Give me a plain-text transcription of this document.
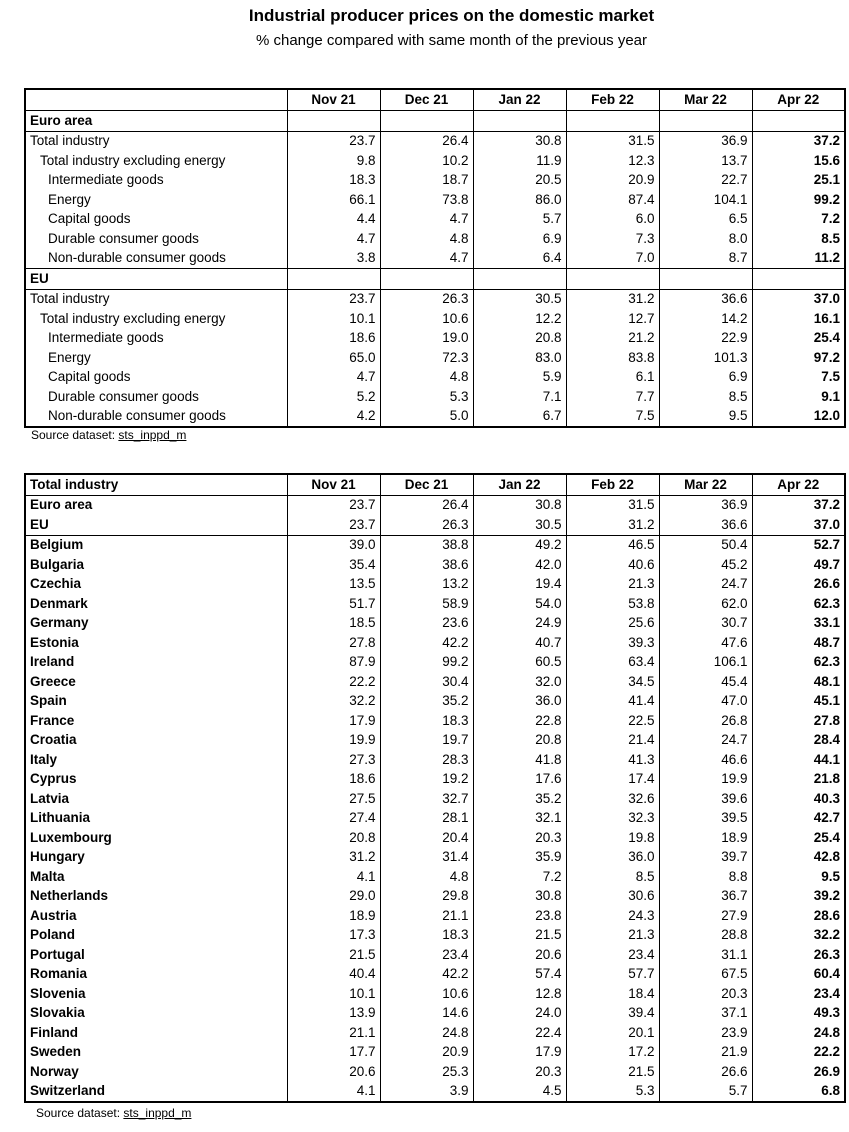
Industrial producer prices on the domestic market
% change compared with same month of the previous year
	Nov 21	Dec 21	Jan 22	Feb 22	Mar 22	Apr 22
Euro area						
Total industry	23.7	26.4	30.8	31.5	36.9	37.2
Total industry excluding energy	9.8	10.2	11.9	12.3	13.7	15.6
Intermediate goods	18.3	18.7	20.5	20.9	22.7	25.1
Energy	66.1	73.8	86.0	87.4	104.1	99.2
Capital goods	4.4	4.7	5.7	6.0	6.5	7.2
Durable consumer goods	4.7	4.8	6.9	7.3	8.0	8.5
Non-durable consumer goods	3.8	4.7	6.4	7.0	8.7	11.2
EU						
Total industry	23.7	26.3	30.5	31.2	36.6	37.0
Total industry excluding energy	10.1	10.6	12.2	12.7	14.2	16.1
Intermediate goods	18.6	19.0	20.8	21.2	22.9	25.4
Energy	65.0	72.3	83.0	83.8	101.3	97.2
Capital goods	4.7	4.8	5.9	6.1	6.9	7.5
Durable consumer goods	5.2	5.3	7.1	7.7	8.5	9.1
Non-durable consumer goods	4.2	5.0	6.7	7.5	9.5	12.0
Source dataset: sts_inppd_m
Total industry	Nov 21	Dec 21	Jan 22	Feb 22	Mar 22	Apr 22
Euro area	23.7	26.4	30.8	31.5	36.9	37.2
EU	23.7	26.3	30.5	31.2	36.6	37.0
Belgium	39.0	38.8	49.2	46.5	50.4	52.7
Bulgaria	35.4	38.6	42.0	40.6	45.2	49.7
Czechia	13.5	13.2	19.4	21.3	24.7	26.6
Denmark	51.7	58.9	54.0	53.8	62.0	62.3
Germany	18.5	23.6	24.9	25.6	30.7	33.1
Estonia	27.8	42.2	40.7	39.3	47.6	48.7
Ireland	87.9	99.2	60.5	63.4	106.1	62.3
Greece	22.2	30.4	32.0	34.5	45.4	48.1
Spain	32.2	35.2	36.0	41.4	47.0	45.1
France	17.9	18.3	22.8	22.5	26.8	27.8
Croatia	19.9	19.7	20.8	21.4	24.7	28.4
Italy	27.3	28.3	41.8	41.3	46.6	44.1
Cyprus	18.6	19.2	17.6	17.4	19.9	21.8
Latvia	27.5	32.7	35.2	32.6	39.6	40.3
Lithuania	27.4	28.1	32.1	32.3	39.5	42.7
Luxembourg	20.8	20.4	20.3	19.8	18.9	25.4
Hungary	31.2	31.4	35.9	36.0	39.7	42.8
Malta	4.1	4.8	7.2	8.5	8.8	9.5
Netherlands	29.0	29.8	30.8	30.6	36.7	39.2
Austria	18.9	21.1	23.8	24.3	27.9	28.6
Poland	17.3	18.3	21.5	21.3	28.8	32.2
Portugal	21.5	23.4	20.6	23.4	31.1	26.3
Romania	40.4	42.2	57.4	57.7	67.5	60.4
Slovenia	10.1	10.6	12.8	18.4	20.3	23.4
Slovakia	13.9	14.6	24.0	39.4	37.1	49.3
Finland	21.1	24.8	22.4	20.1	23.9	24.8
Sweden	17.7	20.9	17.9	17.2	21.9	22.2
Norway	20.6	25.3	20.3	21.5	26.6	26.9
Switzerland	4.1	3.9	4.5	5.3	5.7	6.8
Source dataset: sts_inppd_m
